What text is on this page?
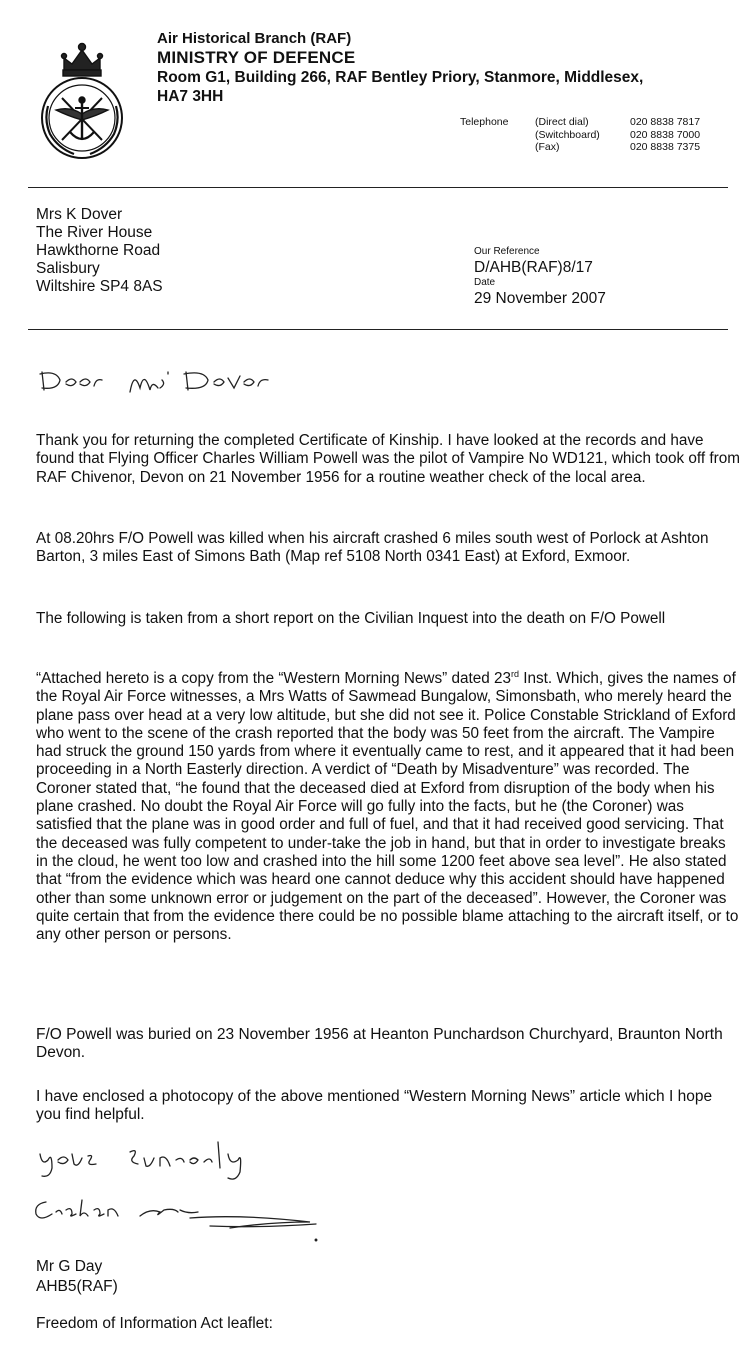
Air Historical Branch (RAF)
MINISTRY OF DEFENCE
Room G1, Building 266, RAF Bentley Priory, Stanmore, Middlesex,
HA7 3HH
Telephone	(Direct dial)
(Switchboard)
(Fax)
020 8838 7817
020 8838 7000
020 8838 7375
Mrs K Dover
The River House
Hawkthorne Road
Salisbury
Wiltshire SP4 8AS
Our Reference
D/AHB(RAF)8/17
Date
29 November 2007
Dear Mrs Dover

Thank you for returning the completed Certificate of Kinship. I have looked at the records and have found that Flying Officer Charles William Powell was the pilot of Vampire No WD121, which took off from RAF Chivenor, Devon on 21 November 1956 for a routine weather check of the local area.

At 08.20hrs F/O Powell was killed when his aircraft crashed 6 miles south west of Porlock at Ashton Barton, 3 miles East of Simons Bath (Map ref 5108 North 0341 East) at Exford, Exmoor.

The following is taken from a short report on the Civilian Inquest into the death on F/O Powell

“Attached hereto is a copy from the “Western Morning News” dated 23rd Inst. Which, gives the names of the Royal Air Force witnesses, a Mrs Watts of Sawmead Bungalow, Simonsbath, who merely heard the plane pass over head at a very low altitude, but she did not see it. Police Constable Strickland of Exford who went to the scene of the crash reported that the body was 50 feet from the aircraft. The Vampire had struck the ground 150 yards from where it eventually came to rest, and it appeared that it had been proceeding in a North Easterly direction. A verdict of “Death by Misadventure” was recorded. The Coroner stated that, “he found that the deceased died at Exford from disruption of the body when his plane crashed. No doubt the Royal Air Force will go fully into the facts, but he (the Coroner) was satisfied that the plane was in good order and full of fuel, and that it had received good servicing. That the deceased was fully competent to under-take the job in hand, but that in order to investigate breaks in the cloud, he went too low and crashed into the hill some 1200 feet above sea level”. He also stated that “from the evidence which was heard one cannot deduce why this accident should have happened other than some unknown error or judgement on the part of the deceased”. However, the Coroner was quite certain that from the evidence there could be no possible blame attaching to the aircraft itself, or to any other person or persons.

F/O Powell was buried on 23 November 1956 at Heanton Punchardson Churchyard, Braunton North Devon.

I have enclosed a photocopy of the above mentioned “Western Morning News” article which I hope you find helpful.

Yours sincerely
Graham Day
Mr G Day
AHB5(RAF)
Freedom of Information Act leaflet:
